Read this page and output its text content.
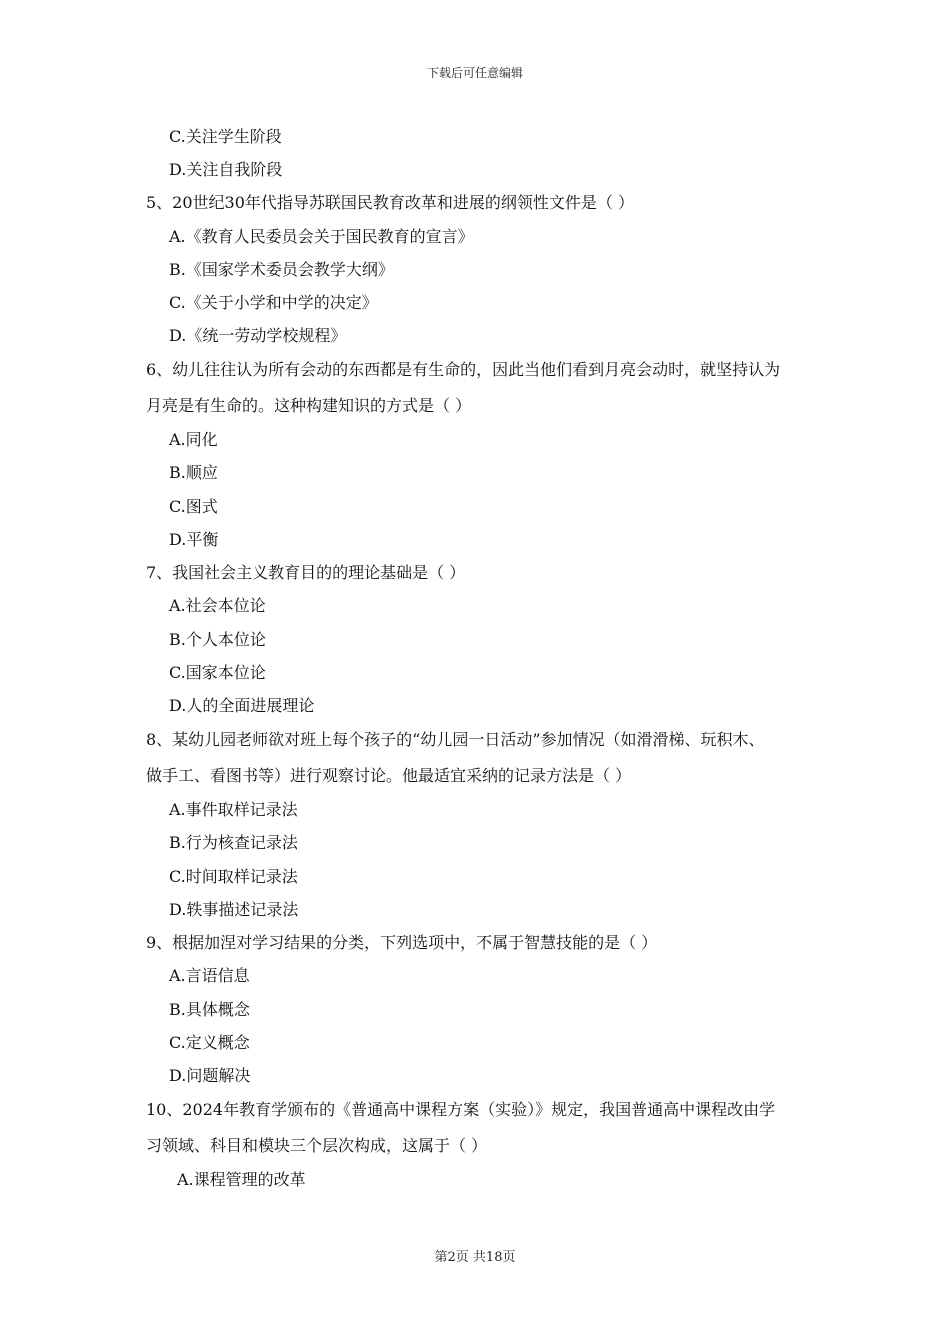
下载后可任意编辑
C.关注学生阶段
D.关注自我阶段
5、20世纪30年代指导苏联国民教育改革和进展的纲领性文件是（ ）
A.《教育人民委员会关于国民教育的宣言》
B.《国家学术委员会教学大纲》
C.《关于小学和中学的决定》
D.《统一劳动学校规程》
6、幼儿往往认为所有会动的东西都是有生命的，因此当他们看到月亮会动时，就坚持认为
月亮是有生命的。这种构建知识的方式是（ ）
A.同化
B.顺应
C.图式
D.平衡
7、我国社会主义教育目的的理论基础是（ ）
A.社会本位论
B.个人本位论
C.国家本位论
D.人的全面进展理论
8、某幼儿园老师欲对班上每个孩子的“幼儿园一日活动”参加情况（如滑滑梯、玩积木、
做手工、看图书等）进行观察讨论。他最适宜采纳的记录方法是（ ）
A.事件取样记录法
B.行为核查记录法
C.时间取样记录法
D.轶事描述记录法
9、根据加涅对学习结果的分类，下列选项中，不属于智慧技能的是（ ）
A.言语信息
B.具体概念
C.定义概念
D.问题解决
10、2024年教育学颁布的《普通高中课程方案（实验）》规定，我国普通高中课程改由学
习领域、科目和模块三个层次构成，这属于（ ）
A.课程管理的改革
第2页 共18页
